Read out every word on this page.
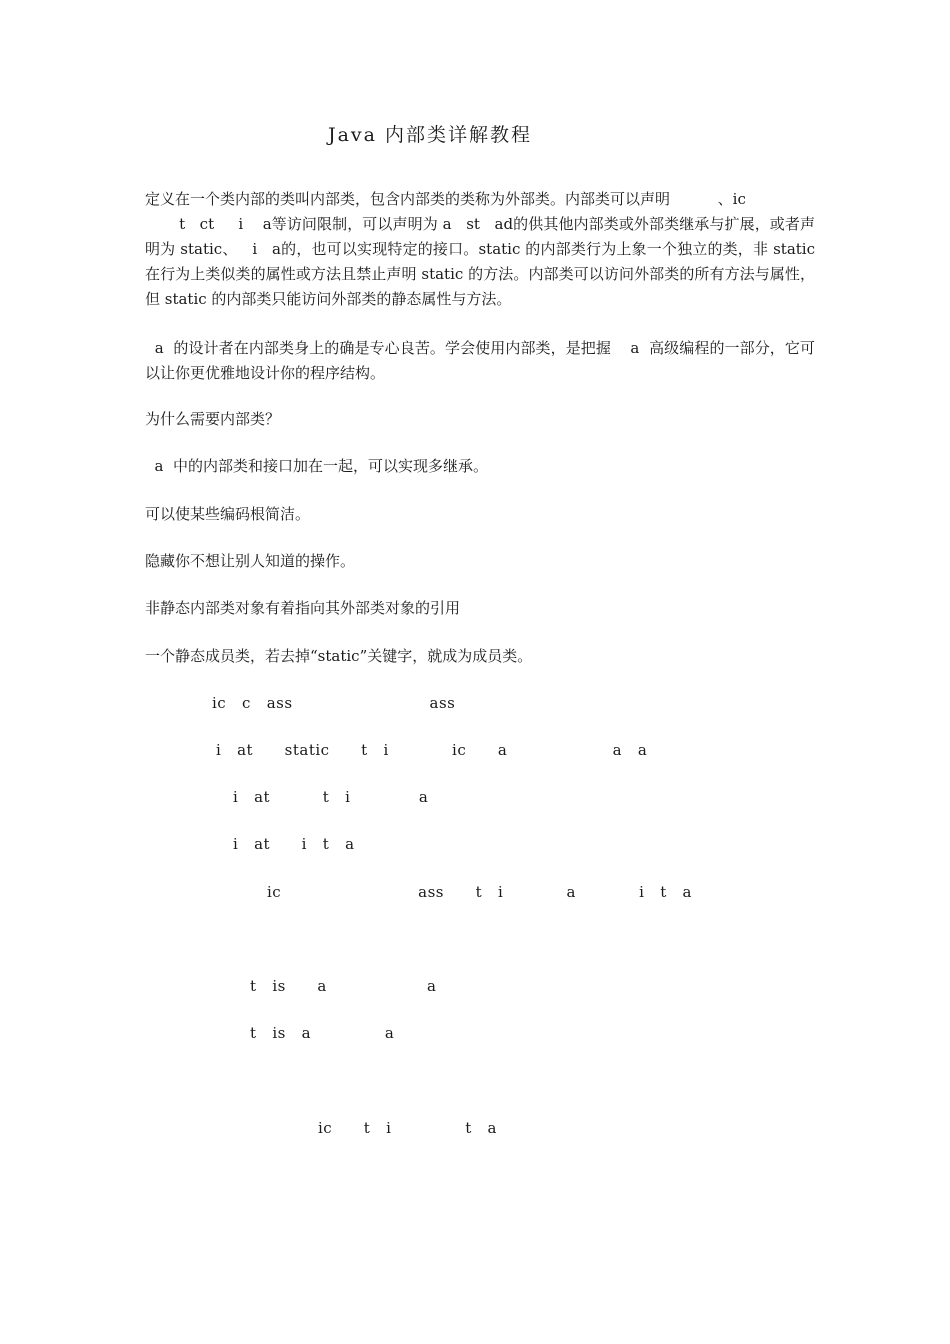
Java 内部类详解教程
定义在一个类内部的类叫内部类，包含内部类的类称为外部类。内部类可以声明          、ic
t   ct     i    a等访问限制，可以声明为 a   st   ad的供其他内部类或外部类继承与扩展，或者声明为 static、   i   a的，也可以实现特定的接口。static 的内部类行为上象一个独立的类，非 static 在行为上类似类的属性或方法且禁止声明 static 的方法。内部类可以访问外部类的所有方法与属性，但 static 的内部类只能访问外部类的静态属性与方法。
a  的设计者在内部类身上的确是专心良苦。学会使用内部类，是把握    a  高级编程的一部分，它可以让你更优雅地设计你的程序结构。
为什么需要内部类？
a  中的内部类和接口加在一起，可以实现多继承。
可以使某些编码根简洁。
隐藏你不想让别人知道的操作。
非静态内部类对象有着指向其外部类对象的引用
一个静态成员类，若去掉“static”关键字，就成为成员类。
ic   c   ass                          ass
i   at      static      t   i            ic      a                    a   a
i   at          t   i             a
i   at      i   t   a
ic                          ass      t   i            a            i   t   a
t   is      a                   a
t   is   a              a
ic      t   i              t   a
